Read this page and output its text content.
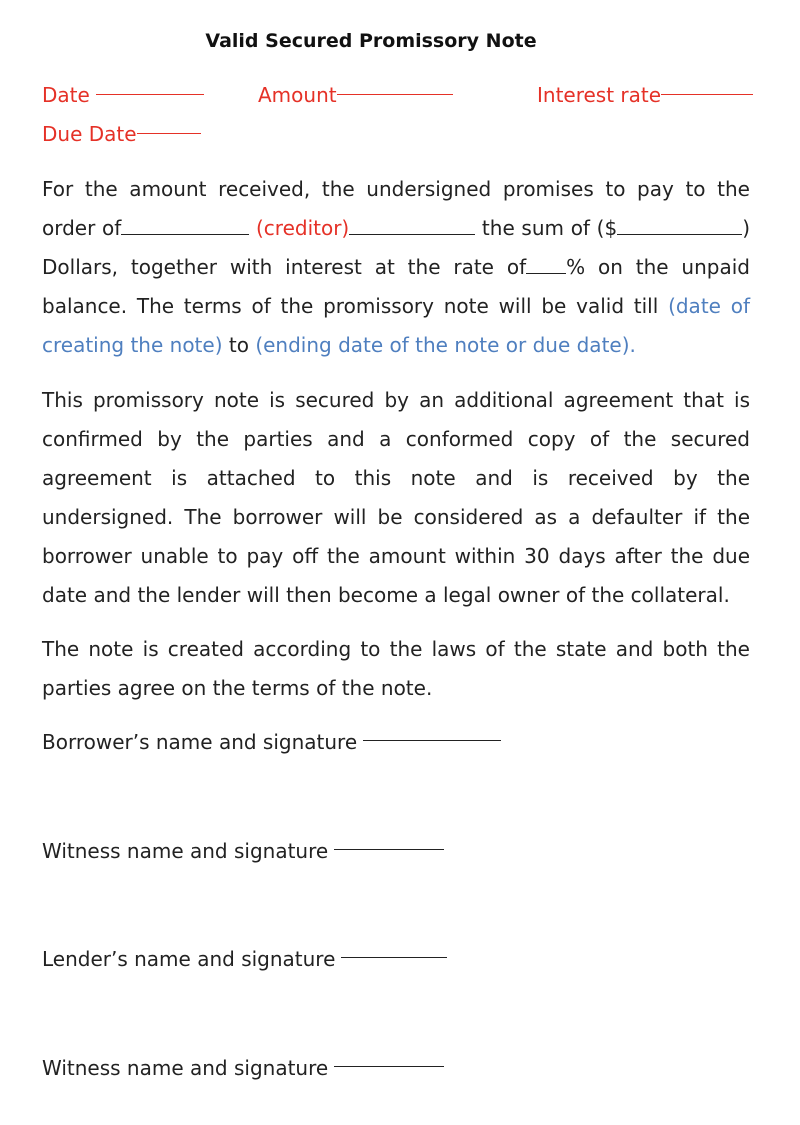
Valid Secured Promissory Note
Date	Amount	Interest rate
Due Date
For the amount received, the undersigned promises to pay to the order of	(creditor)	the sum of ($	) Dollars, together with interest at the rate of % on the unpaid balance. The terms of the promissory note will be valid till (date of creating the note) to (ending date of the note or due date).
This promissory note is secured by an additional agreement that is confirmed by the parties and a conformed copy of the secured agreement is attached to this note and is received by the undersigned. The borrower will be considered as a defaulter if the borrower unable to pay off the amount within 30 days after the due date and the lender will then become a legal owner of the collateral.
The note is created according to the laws of the state and both the parties agree on the terms of the note.
Borrower’s name and signature
Witness name and signature
Lender’s name and signature
Witness name and signature
